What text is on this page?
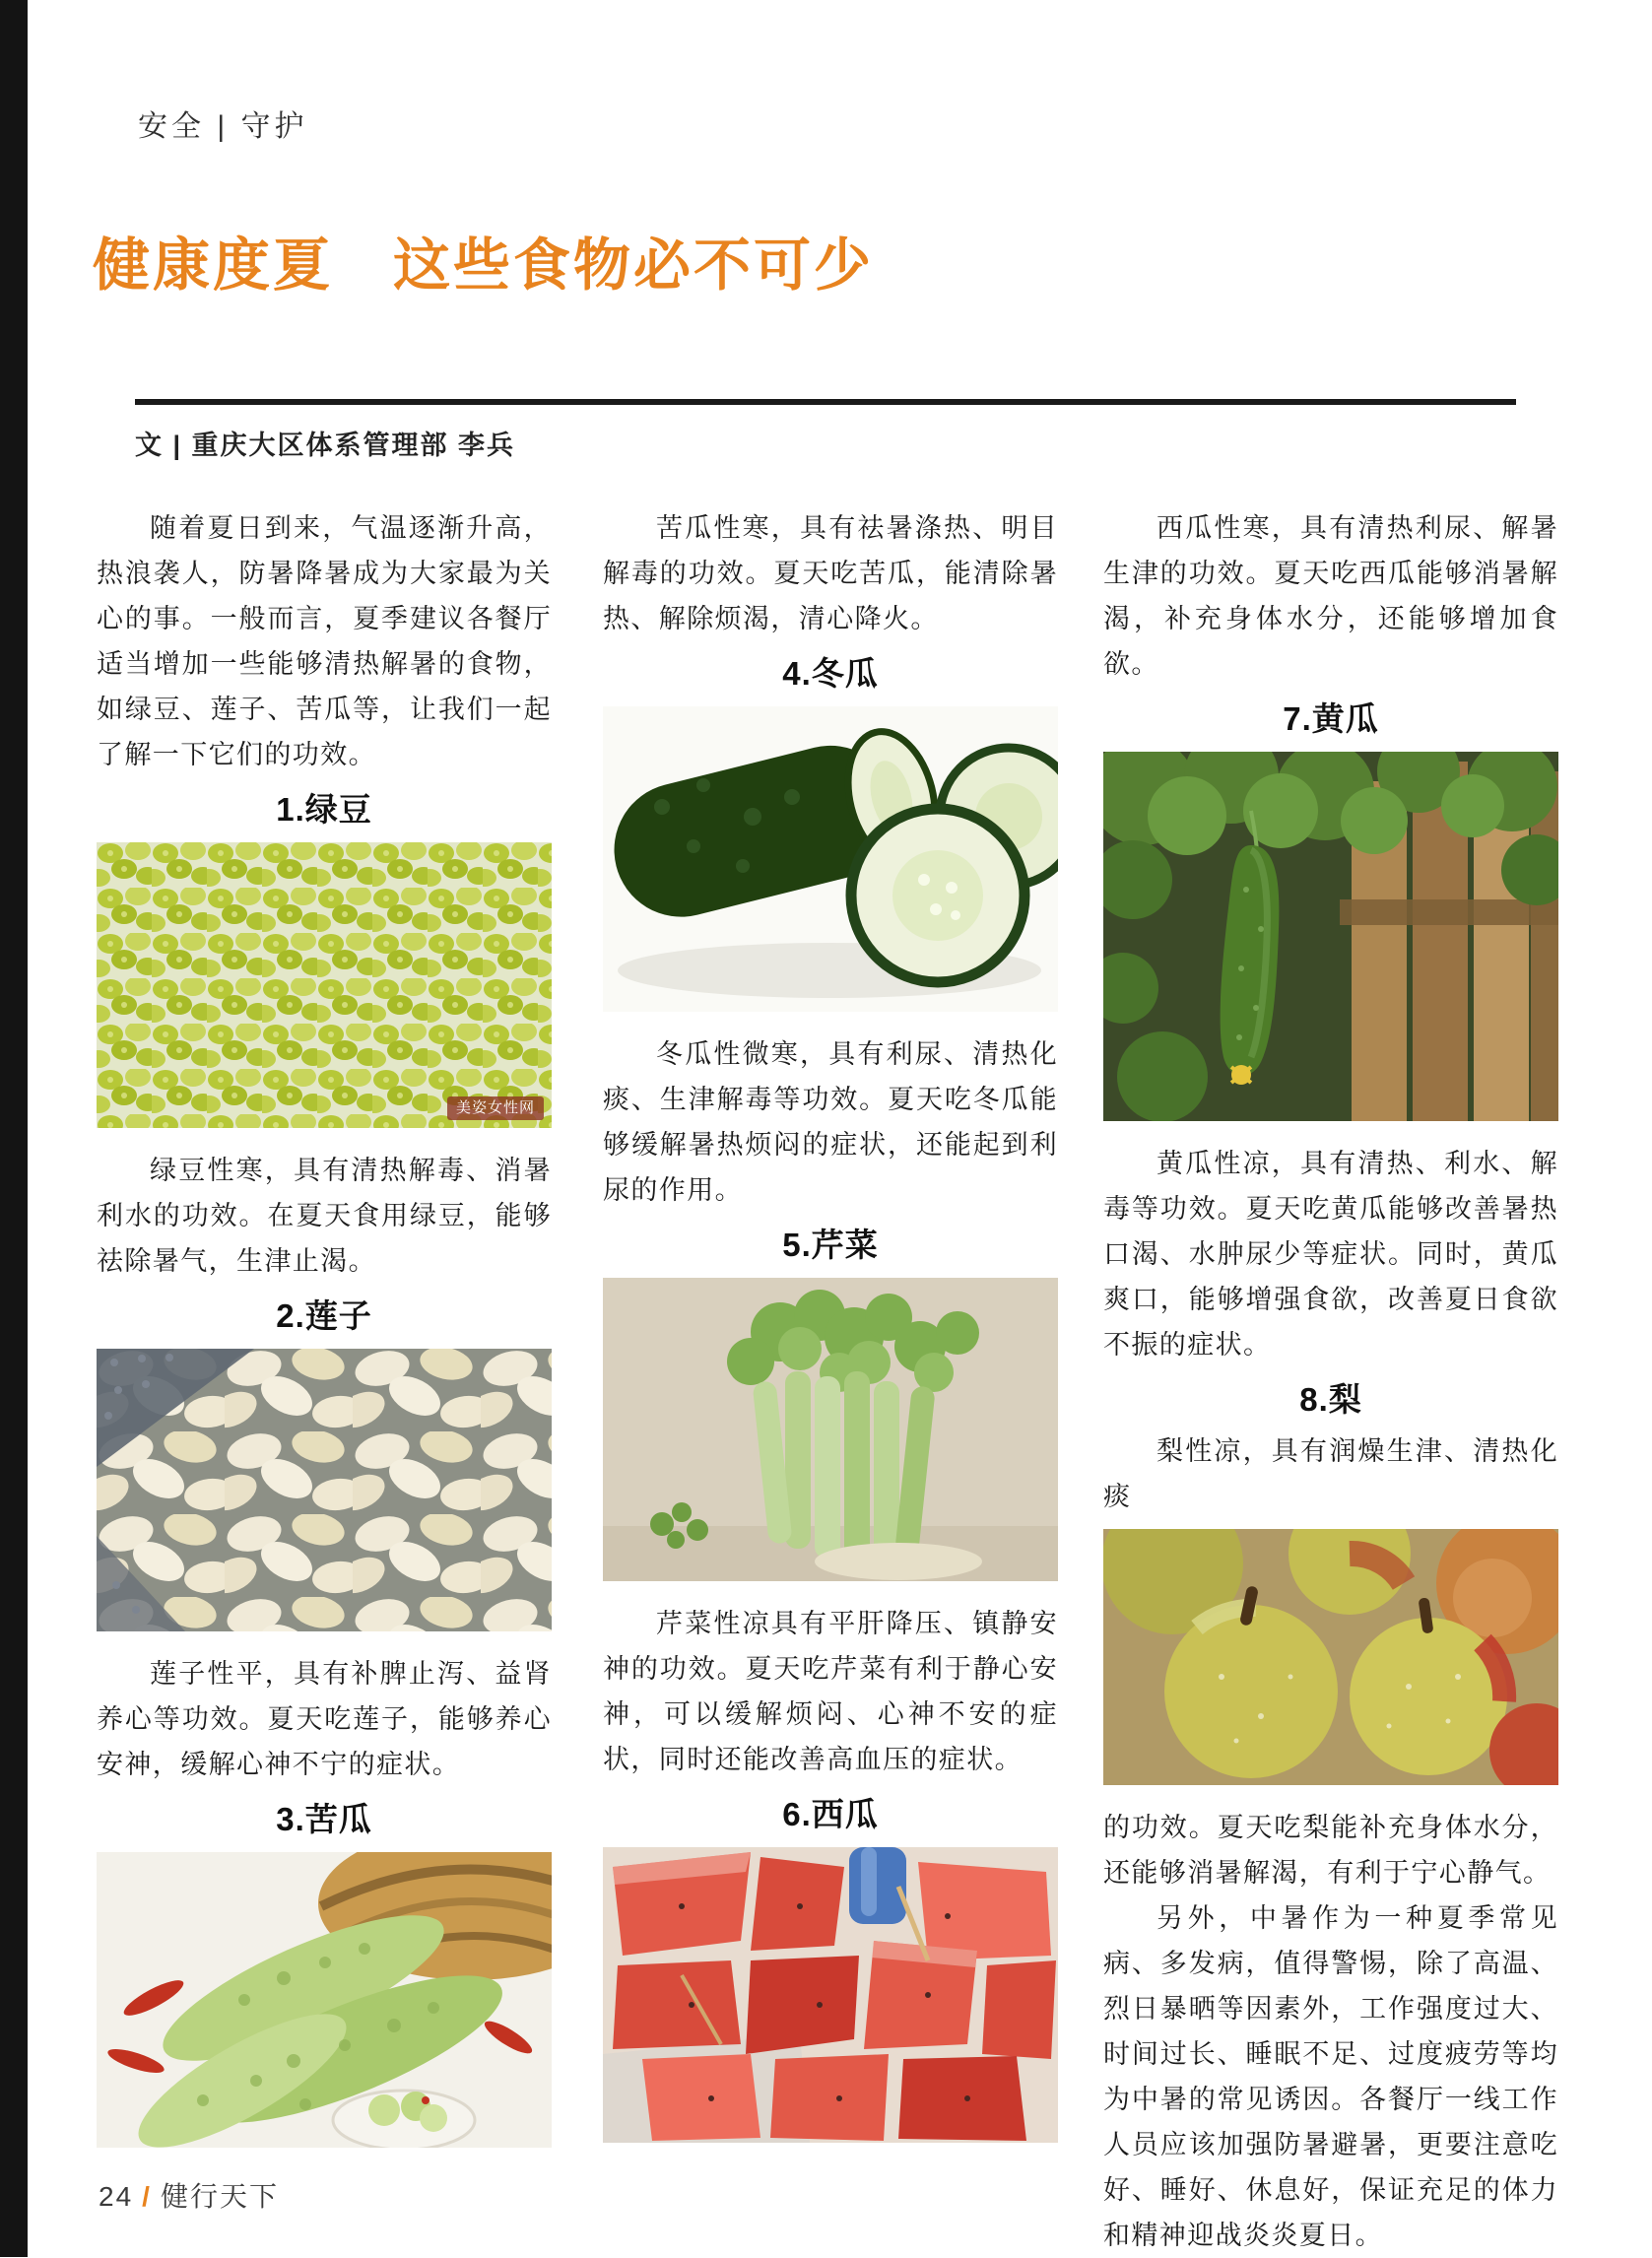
安全 | 守护
健康度夏　这些食物必不可少
文 | 重庆大区体系管理部 李兵

随着夏日到来，气温逐渐升高，热浪袭人，防暑降暑成为大家最为关心的事。一般而言，夏季建议各餐厅适当增加一些能够清热解暑的食物，如绿豆、莲子、苦瓜等，让我们一起了解一下它们的功效。

1.绿豆
美姿女性网

绿豆性寒，具有清热解毒、消暑利水的功效。在夏天食用绿豆，能够祛除暑气，生津止渴。

2.莲子

莲子性平，具有补脾止泻、益肾养心等功效。夏天吃莲子，能够养心安神，缓解心神不宁的症状。

3.苦瓜

苦瓜性寒，具有祛暑涤热、明目解毒的功效。夏天吃苦瓜，能清除暑热、解除烦渴，清心降火。

4.冬瓜

冬瓜性微寒，具有利尿、清热化痰、生津解毒等功效。夏天吃冬瓜能够缓解暑热烦闷的症状，还能起到利尿的作用。

5.芹菜

芹菜性凉具有平肝降压、镇静安神的功效。夏天吃芹菜有利于静心安神，可以缓解烦闷、心神不安的症状，同时还能改善高血压的症状。

6.西瓜

西瓜性寒，具有清热利尿、解暑生津的功效。夏天吃西瓜能够消暑解渴，补充身体水分，还能够增加食欲。

7.黄瓜

黄瓜性凉，具有清热、利水、解毒等功效。夏天吃黄瓜能够改善暑热口渴、水肿尿少等症状。同时，黄瓜爽口，能够增强食欲，改善夏日食欲不振的症状。

8.梨

梨性凉，具有润燥生津、清热化痰

的功效。夏天吃梨能补充身体水分，还能够消暑解渴，有利于宁心静气。

另外，中暑作为一种夏季常见病、多发病，值得警惕，除了高温、烈日暴晒等因素外，工作强度过大、时间过长、睡眠不足、过度疲劳等均为中暑的常见诱因。各餐厅一线工作人员应该加强防暑避暑，更要注意吃好、睡好、休息好，保证充足的体力和精神迎战炎炎夏日。

24 / 健行天下
